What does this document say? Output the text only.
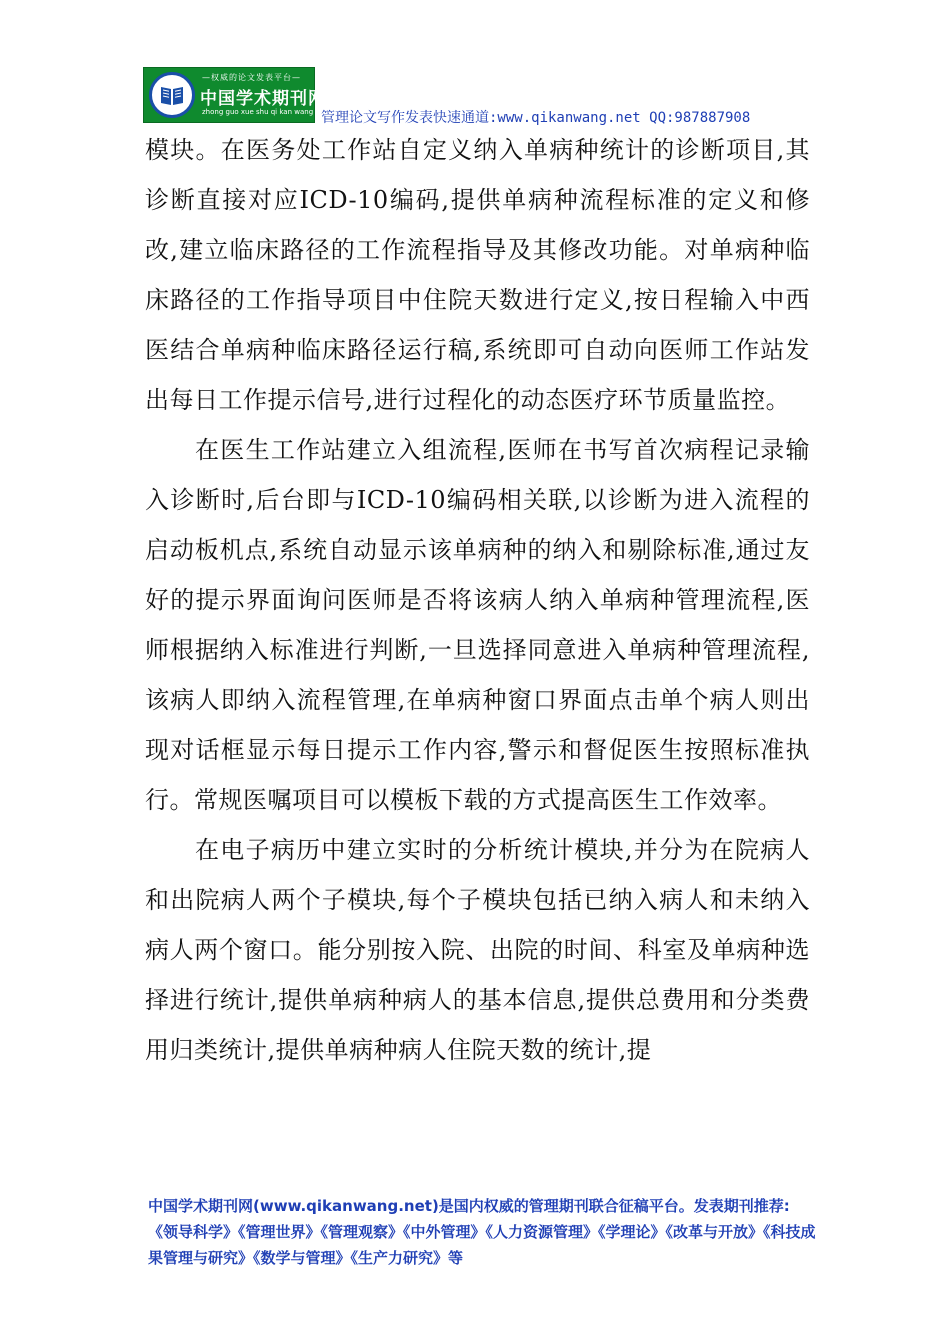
—权威的论文发表平台—
中国学术期刊网
zhong guo xue shu qi kan wang 管理论文写作发表快速通道:www.qikanwang.net QQ:987887908

模块。在医务处工作站自定义纳入单病种统计的诊断项目,其诊断直接对应ICD-10编码,提供单病种流程标准的定义和修改,建立临床路径的工作流程指导及其修改功能。对单病种临床路径的工作指导项目中住院天数进行定义,按日程输入中西医结合单病种临床路径运行稿,系统即可自动向医师工作站发出每日工作提示信号,进行过程化的动态医疗环节质量监控。

在医生工作站建立入组流程,医师在书写首次病程记录输入诊断时,后台即与ICD-10编码相关联,以诊断为进入流程的启动板机点,系统自动显示该单病种的纳入和剔除标准,通过友好的提示界面询问医师是否将该病人纳入单病种管理流程,医师根据纳入标准进行判断,一旦选择同意进入单病种管理流程,该病人即纳入流程管理,在单病种窗口界面点击单个病人则出现对话框显示每日提示工作内容,警示和督促医生按照标准执行。常规医嘱项目可以模板下载的方式提高医生工作效率。

在电子病历中建立实时的分析统计模块,并分为在院病人和出院病人两个子模块,每个子模块包括已纳入病人和未纳入病人两个窗口。能分别按入院、出院的时间、科室及单病种选择进行统计,提供单病种病人的基本信息,提供总费用和分类费用归类统计,提供单病种病人住院天数的统计,提

中国学术期刊网(www.qikanwang.net)是国内权威的管理期刊联合征稿平台。发表期刊推荐:《领导科学》《管理世界》《管理观察》《中外管理》《人力资源管理》《学理论》《改革与开放》《科技成果管理与研究》《数学与管理》《生产力研究》等
